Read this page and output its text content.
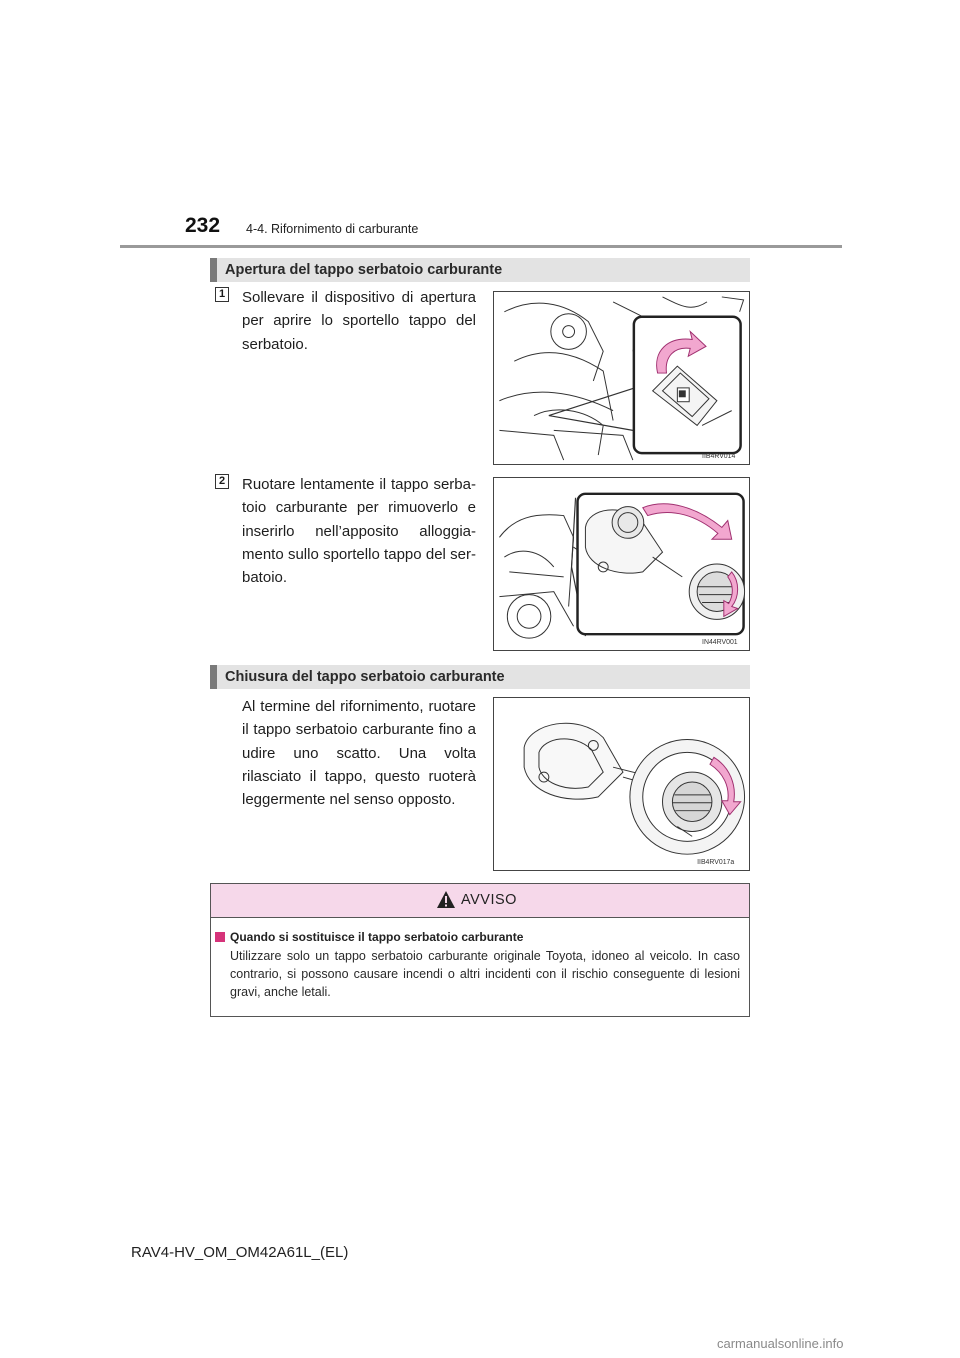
232 4-4. Rifornimento di carburante
Apertura del tappo serbatoio carburante
1 Sollevare il dispositivo di apertura per aprire lo sportello tappo del serbatoio.
IIB4RV014
2 Ruotare lentamente il tappo serba-toio carburante per rimuoverlo e inserirlo nell’apposito alloggia-mento sullo sportello tappo del ser-batoio.
IN44RV001
Chiusura del tappo serbatoio carburante
Al termine del rifornimento, ruotare il tappo serbatoio carburante fino a udire uno scatto. Una volta rilasciato il tappo, questo ruoterà leggermente nel senso opposto.
IIB4RV017a
AVVISO
Quando si sostituisce il tappo serbatoio carburante
Utilizzare solo un tappo serbatoio carburante originale Toyota, idoneo al veicolo. In caso contrario, si possono causare incendi o altri incidenti con il rischio conseguente di lesioni gravi, anche letali.
RAV4-HV_OM_OM42A61L_(EL)
carmanualsonline.info
